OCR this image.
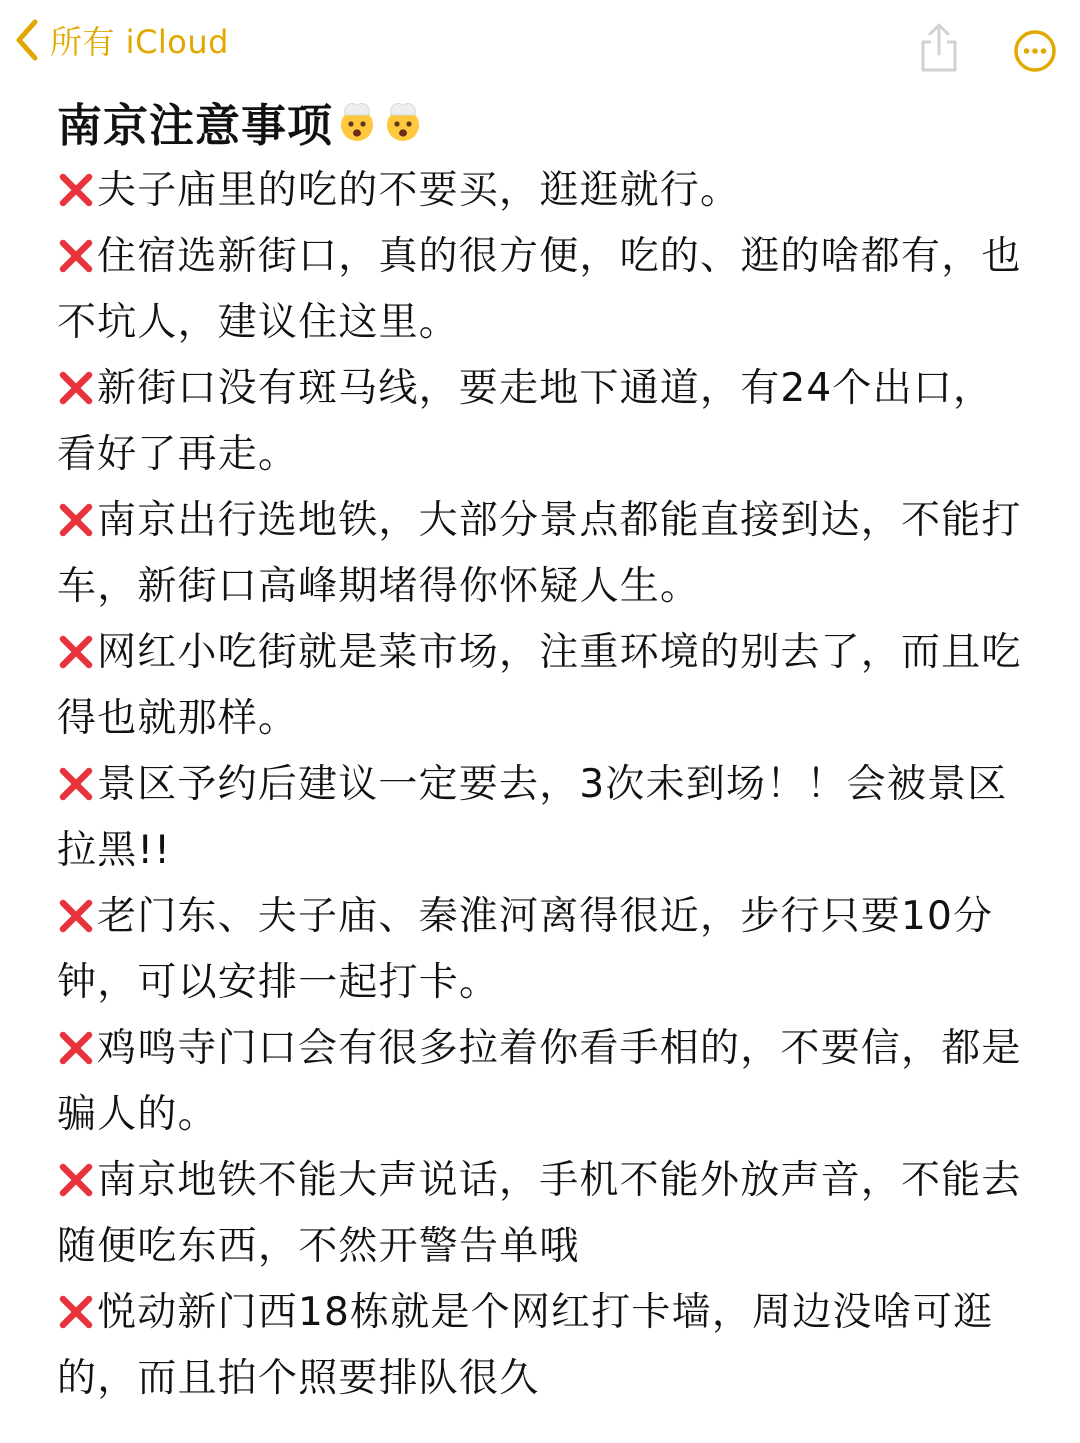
所有 iCloud
南京注意事项
夫子庙里的吃的不要买，逛逛就行。
住宿选新街口，真的很方便，吃的、逛的啥都有，也不坑人，建议住这里。
新街口没有斑马线，要走地下通道，有24个出口，看好了再走。
南京出行选地铁，大部分景点都能直接到达，不能打车，新街口高峰期堵得你怀疑人生。
网红小吃街就是菜市场，注重环境的别去了，而且吃得也就那样。
景区予约后建议一定要去，3次未到场！！会被景区拉黑!!
老门东、夫子庙、秦淮河离得很近，步行只要10分钟，可以安排一起打卡。
鸡鸣寺门口会有很多拉着你看手相的，不要信，都是骗人的。
南京地铁不能大声说话，手机不能外放声音，不能去随便吃东西，不然开警告单哦
悦动新门西18栋就是个网红打卡墙，周边没啥可逛的，而且拍个照要排队很久
